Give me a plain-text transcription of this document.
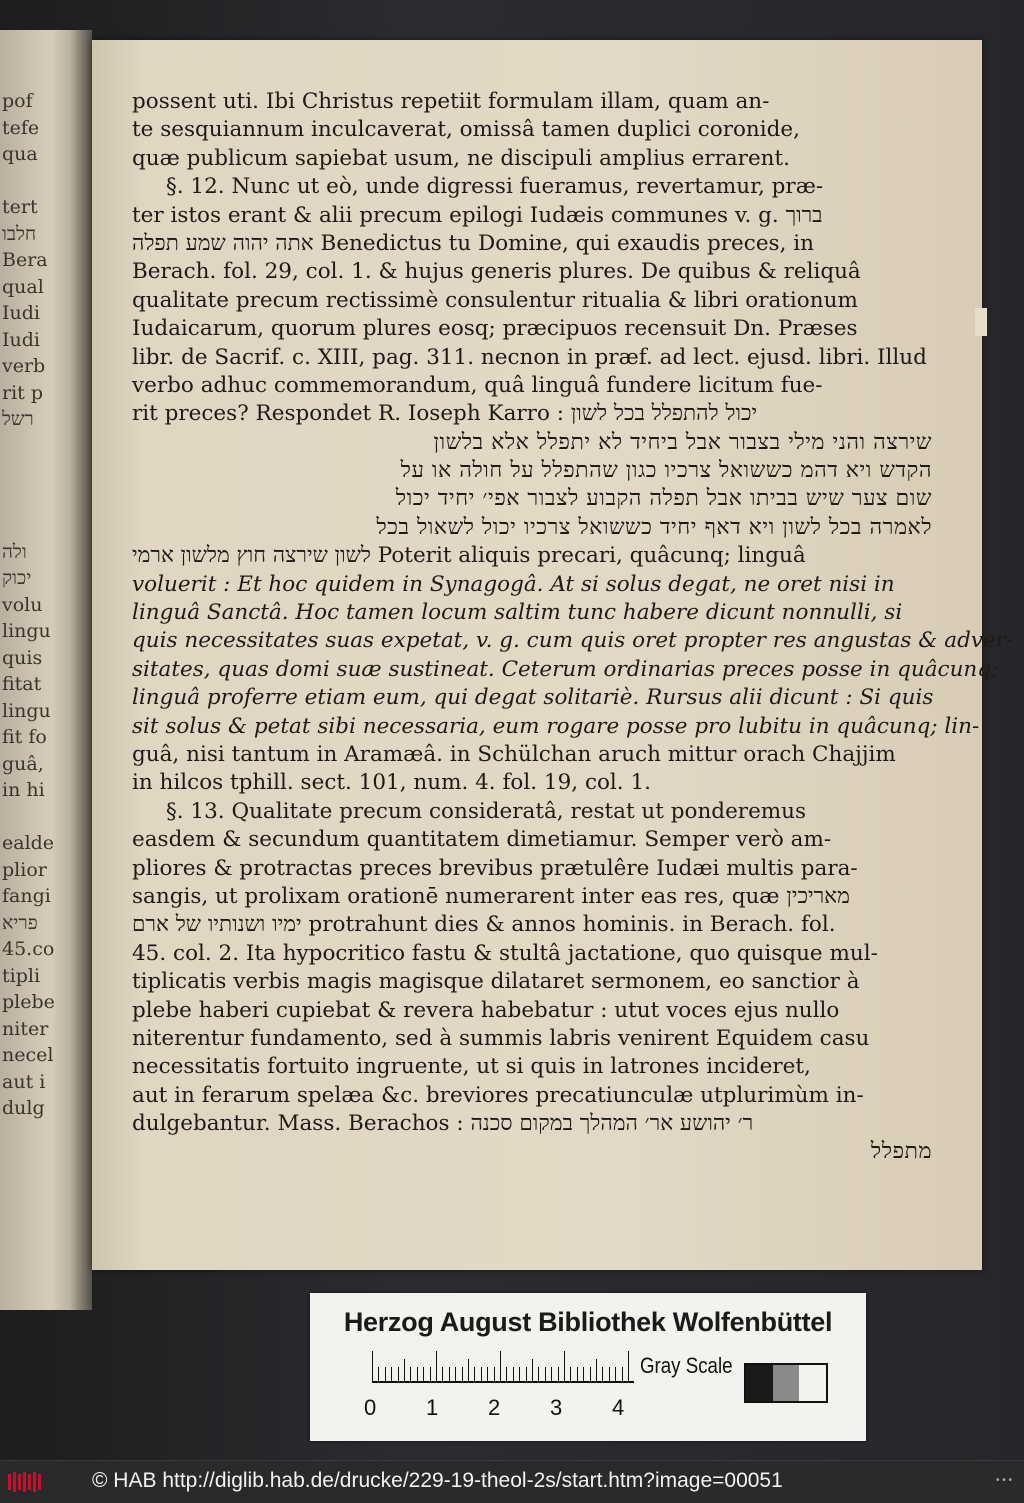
pof
tefe
qua
tert
חלבו
Bera
qual
Iudi
Iudi
verb
rit p
רשל
ולה
יכוק
volu
lingu
quis
fitat
lingu
fit fo
guâ,
in hi
ealde
plior
fangi
פריא
45.co
tipli
plebe
niter
necel
aut i
dulg
possent uti. Ibi Christus repetiit formulam illam, quam an-
te sesquiannum inculcaverat, omissâ tamen duplici coronide,
quæ publicum sapiebat usum, ne discipuli amplius errarent.
§. 12. Nunc ut eò, unde digressi fueramus, revertamur, præ-
ter istos erant & alii precum epilogi Iudæis communes v. g. ברוך
אתה יהוה שמע תפלה Benedictus tu Domine, qui exaudis preces, in
Berach. fol. 29, col. 1. & hujus generis plures. De quibus & reliquâ
qualitate precum rectissimè consulentur ritualia & libri orationum
Iudaicarum, quorum plures eosq; præcipuos recensuit Dn. Præses
libr. de Sacrif. c. XIII, pag. 311. necnon in præf. ad lect. ejusd. libri. Illud
verbo adhuc commemorandum, quâ linguâ fundere licitum fue-
rit preces? Respondet R. Ioseph Karro : יכול להתפלל בכל לשון
שירצה והני מילי בצבור אבל ביחיד לא יתפלל אלא בלשון
הקדש ויא דהמ כששואל צרכיו כגון שהתפלל על חולה או על
שום צער שיש בביתו אבל תפלה הקבוע לצבור אפי׳ יחיד יכול
לאמרה בכל לשון ויא דאף יחיד כששואל צרכיו יכול לשאול בכל
לשון שירצה חוץ מלשון ארמי Poterit aliquis precari, quâcunq; linguâ
voluerit : Et hoc quidem in Synagogâ. At si solus degat, ne oret nisi in
linguâ Sanctâ. Hoc tamen locum saltim tunc habere dicunt nonnulli, si
quis necessitates suas expetat, v. g. cum quis oret propter res angustas & adver-
sitates, quas domi suæ sustineat. Ceterum ordinarias preces posse in quâcunq;
linguâ proferre etiam eum, qui degat solitariè. Rursus alii dicunt : Si quis
sit solus & petat sibi necessaria, eum rogare posse pro lubitu in quâcunq; lin-
guâ, nisi tantum in Aramæâ. in Schülchan aruch mittur orach Chajjim
in hilcos tphill. sect. 101, num. 4. fol. 19, col. 1.
§. 13. Qualitate precum consideratâ, restat ut ponderemus
easdem & secundum quantitatem dimetiamur. Semper verò am-
pliores & protractas preces brevibus prætulêre Iudæi multis para-
sangis, ut prolixam orationē numerarent inter eas res, quæ מאריכין
ימיו ושנותיו של ארם protrahunt dies & annos hominis. in Berach. fol.
45. col. 2. Ita hypocritico fastu & stultâ jactatione, quo quisque mul-
tiplicatis verbis magis magisque dilataret sermonem, eo sanctior à
plebe haberi cupiebat & revera habebatur : utut voces ejus nullo
niterentur fundamento, sed à summis labris venirent Equidem casu
necessitatis fortuito ingruente, ut si quis in latrones incideret,
aut in ferarum spelæa &c. breviores precatiunculæ utplurimùm in-
dulgebantur. Mass. Berachos : ר׳ יהושע אר׳ המהלך במקום סכנה
מתפלל
Herzog August Bibliothek Wolfenbüttel
Gray Scale
0 1 2 3 4
© HAB http://diglib.hab.de/drucke/229-19-theol-2s/start.htm?image=00051	• • •
